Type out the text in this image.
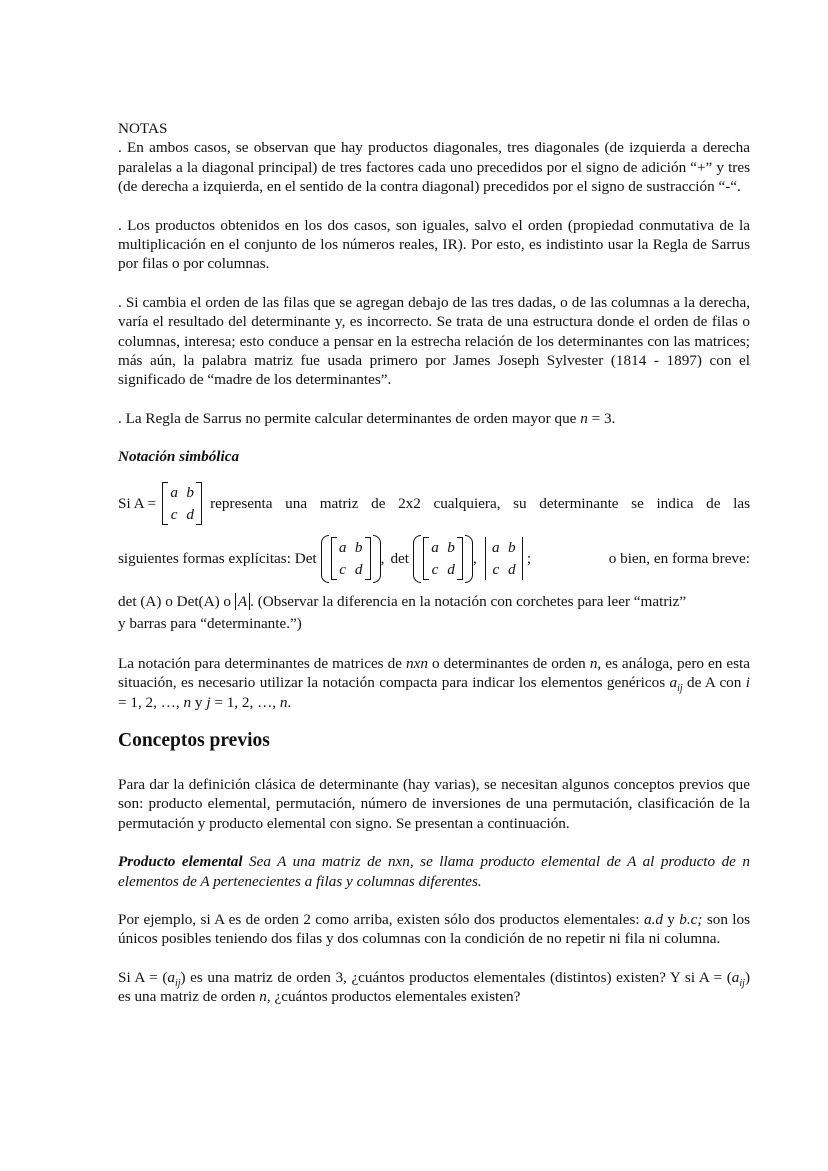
NOTAS

. En ambos casos, se observan que hay productos diagonales, tres diagonales (de izquierda a derecha paralelas a la diagonal principal) de tres factores cada uno precedidos por el signo de adición “+” y tres (de derecha a izquierda, en el sentido de la contra diagonal) precedidos por el signo de sustracción “-“.

. Los productos obtenidos en los dos casos, son iguales, salvo el orden (propiedad conmutativa de la multiplicación en el conjunto de los números reales, IR). Por esto, es indistinto usar la Regla de Sarrus por filas o por columnas.

. Si cambia el orden de las filas que se agregan debajo de las tres dadas, o de las columnas a la derecha, varía el resultado del determinante y, es incorrecto. Se trata de una estructura donde el orden de filas o columnas, interesa; esto conduce a pensar en la estrecha relación de los determinantes con las matrices; más aún, la palabra matriz fue usada primero por James Joseph Sylvester (1814 - 1897) con el significado de “madre de los determinantes”.

. La Regla de Sarrus no permite calcular determinantes de orden mayor que n = 3.

Notación simbólica

Si A =
a b
c d
representa una matriz de 2x2 cualquiera, su determinante se indica de las
siguientes formas explícitas: Det
a b
c d
, det
a b
c d
,
a b
c d
;	o bien, en forma breve:

det (A) o Det(A) o A . (Observar la diferencia en la notación con corchetes para leer “matriz”

y barras para “determinante.”)

La notación para determinantes de matrices de nxn o determinantes de orden n, es análoga, pero en esta situación, es necesario utilizar la notación compacta para indicar los elementos genéricos $a_{ij}$ de A con i = 1, 2, …, n y j = 1, 2, …, n.

Conceptos previos

Para dar la definición clásica de determinante (hay varias), se necesitan algunos conceptos previos que son: producto elemental, permutación, número de inversiones de una permutación, clasificación de la permutación y producto elemental con signo. Se presentan a continuación.

Producto elemental Sea A una matriz de nxn, se llama producto elemental de A al producto de n elementos de A pertenecientes a filas y columnas diferentes.

Por ejemplo, si A es de orden 2 como arriba, existen sólo dos productos elementales: a.d y b.c; son los únicos posibles teniendo dos filas y dos columnas con la condición de no repetir ni fila ni columna.

Si $A = (a_{ij})$ es una matriz de orden 3, ¿cuántos productos elementales (distintos) existen? Y si $A = (a_{ij})$ es una matriz de orden n, ¿cuántos productos elementales existen?
